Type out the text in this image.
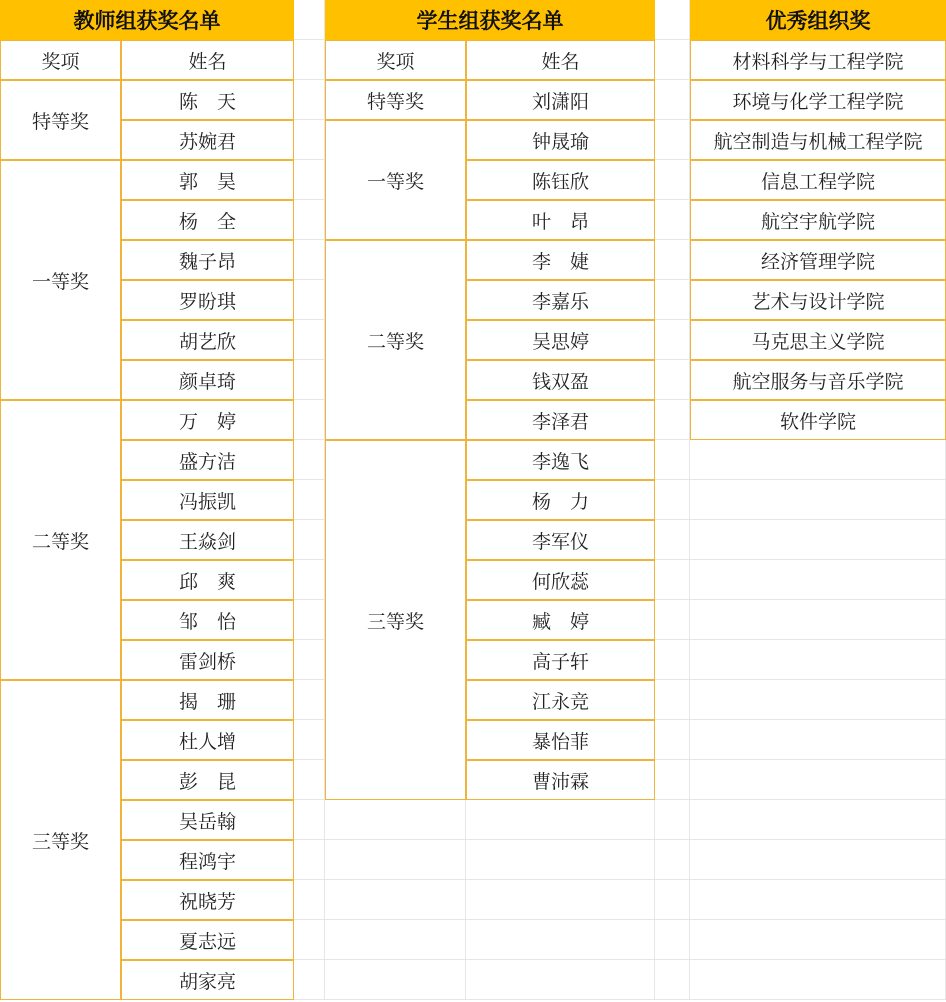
教师组获奖名单
奖项	姓名
陈　天
苏婉君
特等奖
郭　昊
杨　全
魏子昂
罗昐琪
胡艺欣
颜卓琦
一等奖
万　婷
盛方洁
冯振凯
王焱剑
邱　爽
邹　怡
雷剑桥
二等奖
揭　珊
杜人增
彭　昆
吴岳翰
程鸿宇
祝晓芳
夏志远
胡家亮
三等奖
学生组获奖名单
奖项	姓名
刘潇阳
特等奖
钟晟瑜
陈钰欣
叶　昂
一等奖
李　婕
李嘉乐
吴思婷
钱双盈
李泽君
二等奖
李逸飞
杨　力
李军仪
何欣蕊
臧　婷
高子轩
江永竞
暴怡菲
曹沛霖
三等奖
优秀组织奖
材料科学与工程学院
环境与化学工程学院
航空制造与机械工程学院
信息工程学院
航空宇航学院
经济管理学院
艺术与设计学院
马克思主义学院
航空服务与音乐学院
软件学院
